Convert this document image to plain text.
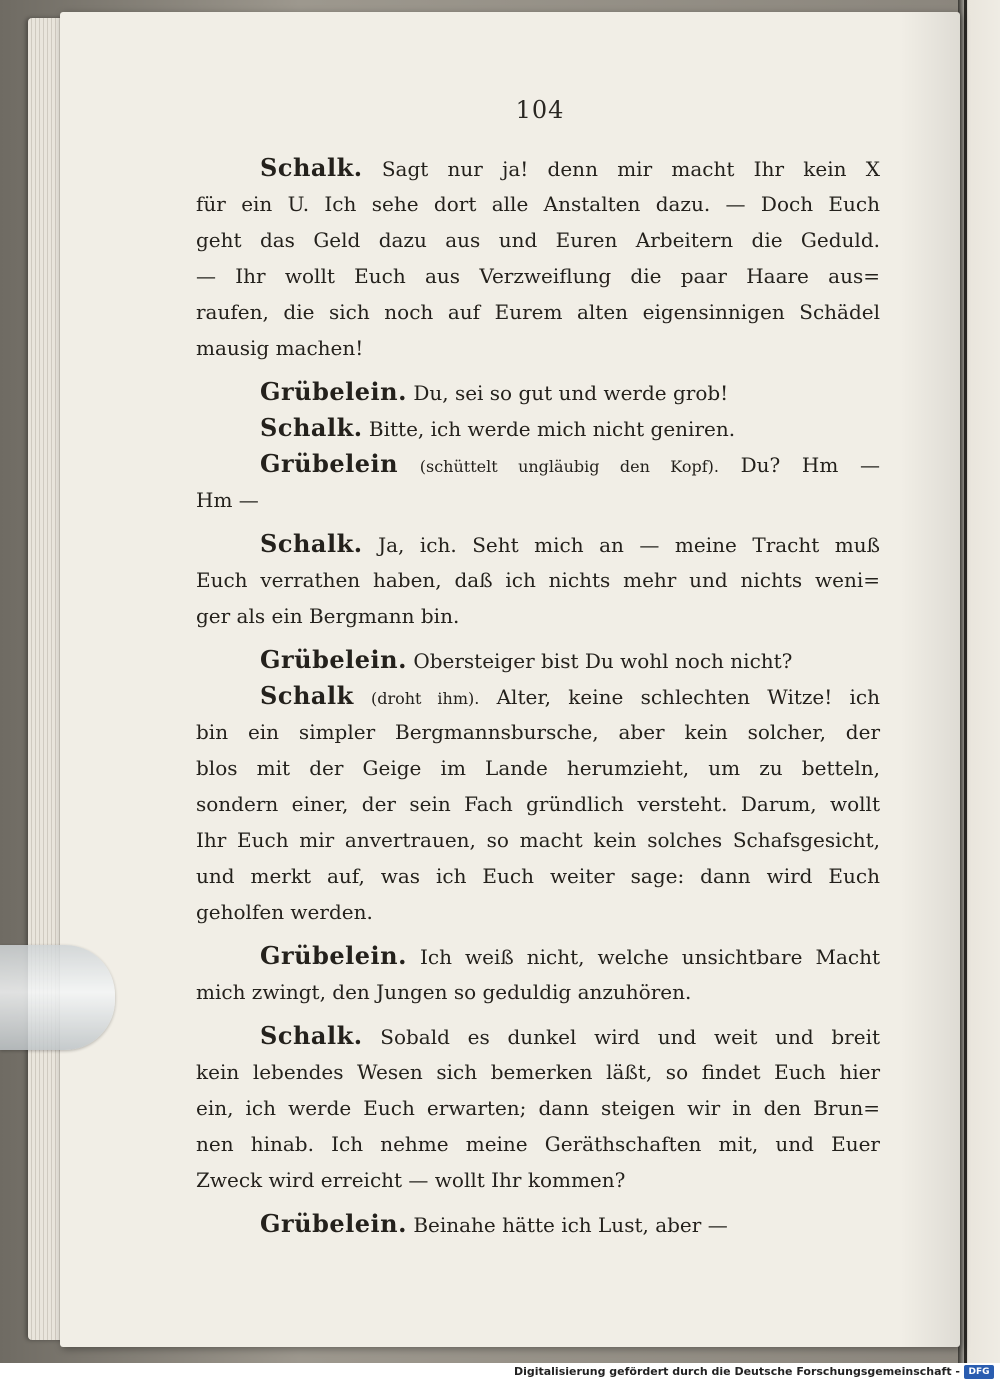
104
Schalk. Sagt nur ja! denn mir macht Ihr kein X
für ein U. Ich sehe dort alle Anstalten dazu. — Doch Euch
geht das Geld dazu aus und Euren Arbeitern die Geduld.
— Ihr wollt Euch aus Verzweiflung die paar Haare aus=
raufen, die sich noch auf Eurem alten eigensinnigen Schädel
mausig machen!
Grübelein. Du, sei so gut und werde grob!
Schalk. Bitte, ich werde mich nicht geniren.
Grübelein (schüttelt ungläubig den Kopf). Du? Hm —
Hm —
Schalk. Ja, ich. Seht mich an — meine Tracht muß
Euch verrathen haben, daß ich nichts mehr und nichts weni=
ger als ein Bergmann bin.
Grübelein. Obersteiger bist Du wohl noch nicht?
Schalk (droht ihm). Alter, keine schlechten Witze! ich
bin ein simpler Bergmannsbursche, aber kein solcher, der
blos mit der Geige im Lande herumzieht, um zu betteln,
sondern einer, der sein Fach gründlich versteht. Darum, wollt
Ihr Euch mir anvertrauen, so macht kein solches Schafsgesicht,
und merkt auf, was ich Euch weiter sage: dann wird Euch
geholfen werden.
Grübelein. Ich weiß nicht, welche unsichtbare Macht
mich zwingt, den Jungen so geduldig anzuhören.
Schalk. Sobald es dunkel wird und weit und breit
kein lebendes Wesen sich bemerken läßt, so findet Euch hier
ein, ich werde Euch erwarten; dann steigen wir in den Brun=
nen hinab. Ich nehme meine Geräthschaften mit, und Euer
Zweck wird erreicht — wollt Ihr kommen?
Grübelein. Beinahe hätte ich Lust, aber —
Digitalisierung gefördert durch die Deutsche Forschungsgemeinschaft - DFG
